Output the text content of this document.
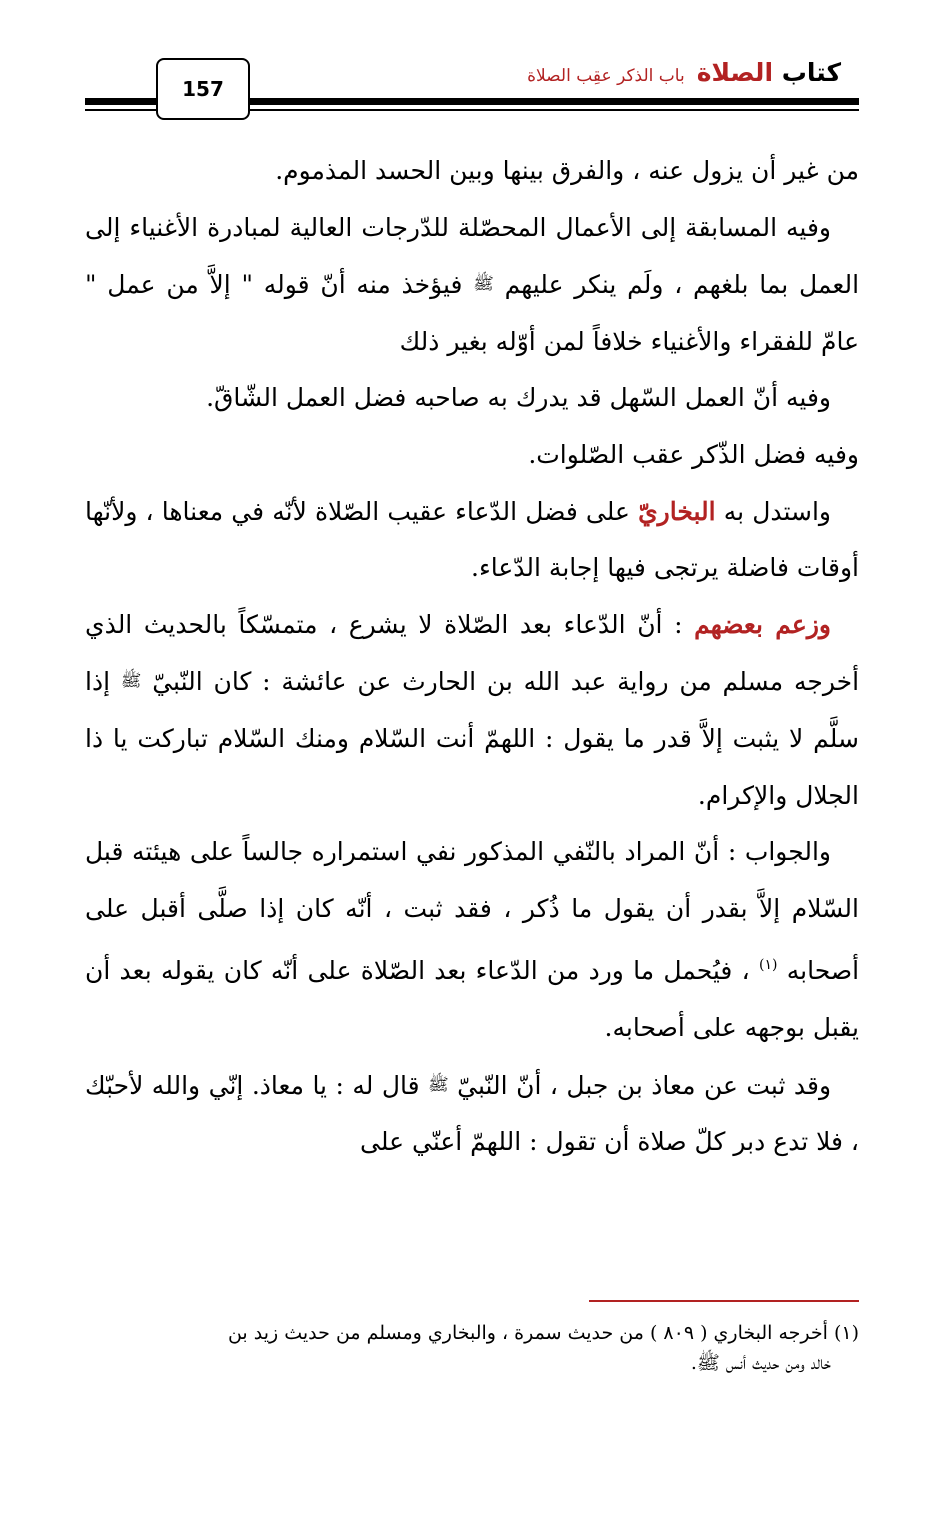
157
كتاب الصلاة
باب الذكر عقِب الصلاة

من غير أن يزول عنه ، والفرق بينها وبين الحسد المذموم.

وفيه المسابقة إلى الأعمال المحصّلة للدّرجات العالية لمبادرة الأغنياء إلى العمل بما بلغهم ، ولَم ينكر عليهم ﷺ فيؤخذ منه أنّ قوله " إلاَّ من عمل " عامّ للفقراء والأغنياء خلافاً لمن أوّله بغير ذلك

وفيه أنّ العمل السّهل قد يدرك به صاحبه فضل العمل الشّاقّ.

وفيه فضل الذّكر عقب الصّلوات.

واستدل به البخاريّ على فضل الدّعاء عقيب الصّلاة لأنّه في معناها ، ولأنّها أوقات فاضلة يرتجى فيها إجابة الدّعاء.

وزعم بعضهم : أنّ الدّعاء بعد الصّلاة لا يشرع ، متمسّكاً بالحديث الذي أخرجه مسلم من رواية عبد الله بن الحارث عن عائشة : كان النّبيّ ﷺ إذا سلَّم لا يثبت إلاَّ قدر ما يقول : اللهمّ أنت السّلام ومنك السّلام تباركت يا ذا الجلال والإكرام.

والجواب : أنّ المراد بالنّفي المذكور نفي استمراره جالساً على هيئته قبل السّلام إلاَّ بقدر أن يقول ما ذُكر ، فقد ثبت ، أنّه كان إذا صلَّى أقبل على أصحابه $^{(١)}$ ، فيُحمل ما ورد من الدّعاء بعد الصّلاة على أنّه كان يقوله بعد أن يقبل بوجهه على أصحابه.

وقد ثبت عن معاذ بن جبل ، أنّ النّبيّ ﷺ قال له : يا معاذ. إنّي والله لأحبّك ، فلا تدع دبر كلّ صلاة أن تقول : اللهمّ أعنّي على

(١) أخرجه البخاري ( ٨٠٩ ) من حديث سمرة ، والبخاري ومسلم من حديث زيد بن
خالد ومن حديث أنس ﷺ.
